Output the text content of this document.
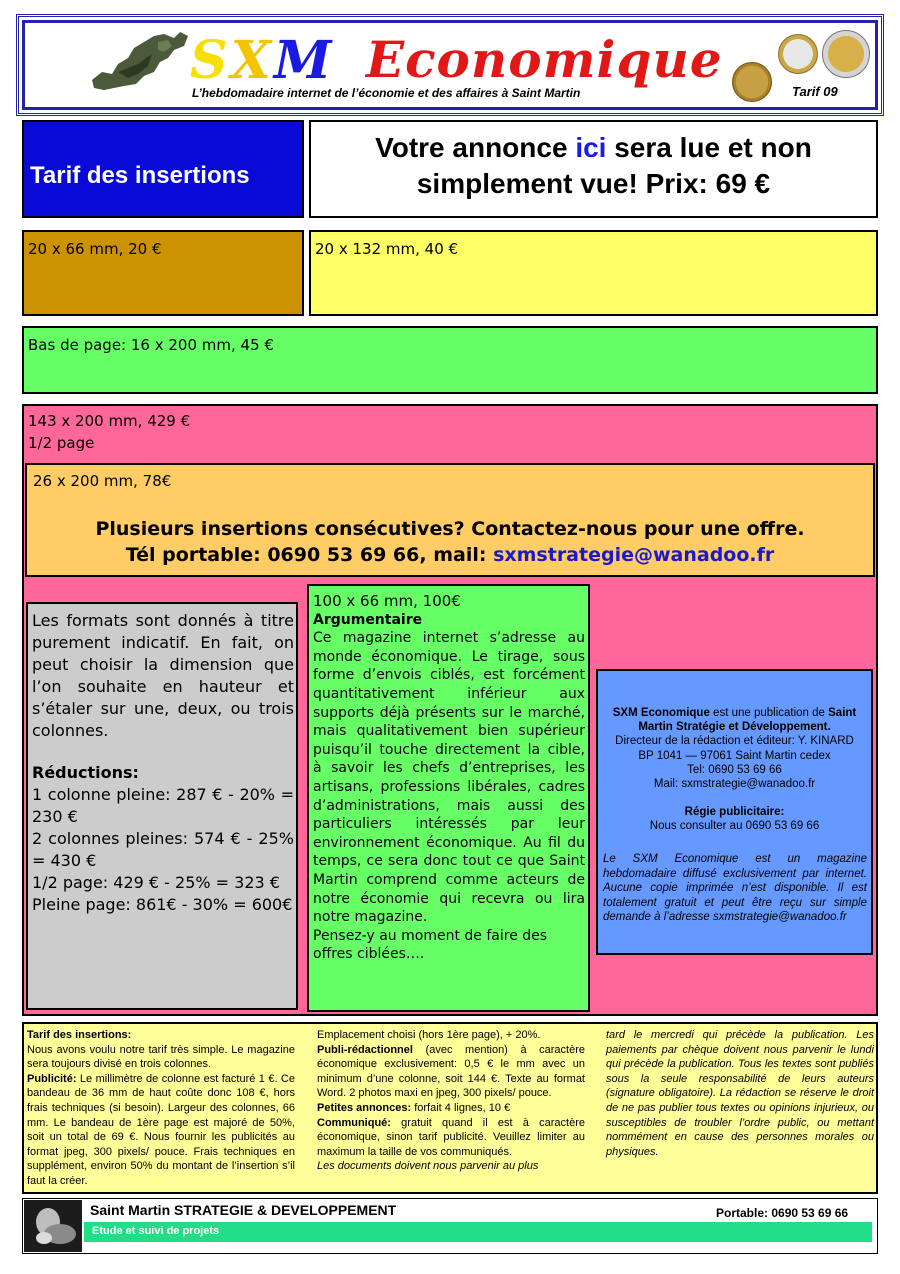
SXM Economique
L’hebdomadaire internet de l’économie et des affaires à Saint Martin	Tarif 09
Tarif des insertions
Votre annonce ici sera lue et non
simplement vue! Prix: 69 €
20 x 66 mm, 20 €	20 x 132 mm, 40 €
Bas de page: 16 x 200 mm, 45 €
143 x 200 mm, 429 €
1/2 page
26 x 200 mm, 78€
Plusieurs insertions consécutives? Contactez-nous pour une offre.
Tél portable: 0690 53 69 66, mail: sxmstrategie@wanadoo.fr

Les formats sont donnés à titre purement indicatif. En fait, on peut choisir la dimension que l’on souhaite en hauteur et s’étaler sur une, deux, ou trois colonnes.

Réductions:

1 colonne pleine: 287 € - 20% = 230 €

2 colonnes pleines: 574 € - 25% = 430 €

1/2 page: 429 € - 25% = 323 €

Pleine page: 861€ - 30% = 600€

100 x 66 mm, 100€

Argumentaire

Ce magazine internet s’adresse au monde économique. Le tirage, sous forme d’envois ciblés, est forcément quantitativement inférieur aux supports déjà présents sur le marché, mais qualitativement bien supérieur puisqu’il touche directement la cible, à savoir les chefs d’entreprises, les artisans, professions libérales, cadres d’administrations, mais aussi des particuliers intéressés par leur environnement économique. Au fil du temps, ce sera donc tout ce que Saint Martin comprend comme acteurs de notre économie qui recevra ou lira notre magazine.

Pensez-y au moment de faire des offres ciblées….

SXM Economique est une publication de Saint Martin Stratégie et Développement.

Directeur de la rédaction et éditeur: Y. KINARD

BP 1041 — 97061 Saint Martin cedex

Tel: 0690 53 69 66

Mail: sxmstrategie@wanadoo.fr

Régie publicitaire:

Nous consulter au 0690 53 69 66

Le SXM Economique est un magazine hebdomadaire diffusé exclusivement par internet. Aucune copie imprimée n’est disponible. Il est totalement gratuit et peut être reçu sur simple demande à l’adresse sxmstrategie@wanadoo.fr

Tarif des insertions:

Nous avons voulu notre tarif très simple. Le magazine sera toujours divisé en trois colonnes.

Publicité: Le millimètre de colonne est facturé 1 €. Ce bandeau de 36 mm de haut coûte donc 108 €, hors frais techniques (si besoin). Largeur des colonnes, 66 mm. Le bandeau de 1ère page est majoré de 50%, soit un total de 69 €. Nous fournir les publicités au format jpeg, 300 pixels/ pouce. Frais techniques en supplément, environ 50% du montant de l’insertion s’il faut la créer.

Emplacement choisi (hors 1ère page), + 20%.

Publi-rédactionnel (avec mention) à caractère économique exclusivement: 0,5 € le mm avec un minimum d’une colonne, soit 144 €. Texte au format Word. 2 photos maxi en jpeg, 300 pixels/ pouce.

Petites annonces: forfait 4 lignes, 10 €

Communiqué: gratuit quand il est à caractère économique, sinon tarif publicité. Veuillez limiter au maximum la taille de vos communiqués.

Les documents doivent nous parvenir au plus

tard le mercredi qui précède la publication. Les paiements par chèque doivent nous parvenir le lundi qui précède la publication. Tous les textes sont publiés sous la seule responsabilité de leurs auteurs (signature obligatoire). La rédaction se réserve le droit de ne pas publier tous textes ou opinions injurieux, ou susceptibles de troubler l’ordre public, ou mettant nommément en cause des personnes morales ou physiques.

Saint Martin STRATEGIE & DEVELOPPEMENT
Etude et suivi de projets
Portable: 0690 53 69 66
